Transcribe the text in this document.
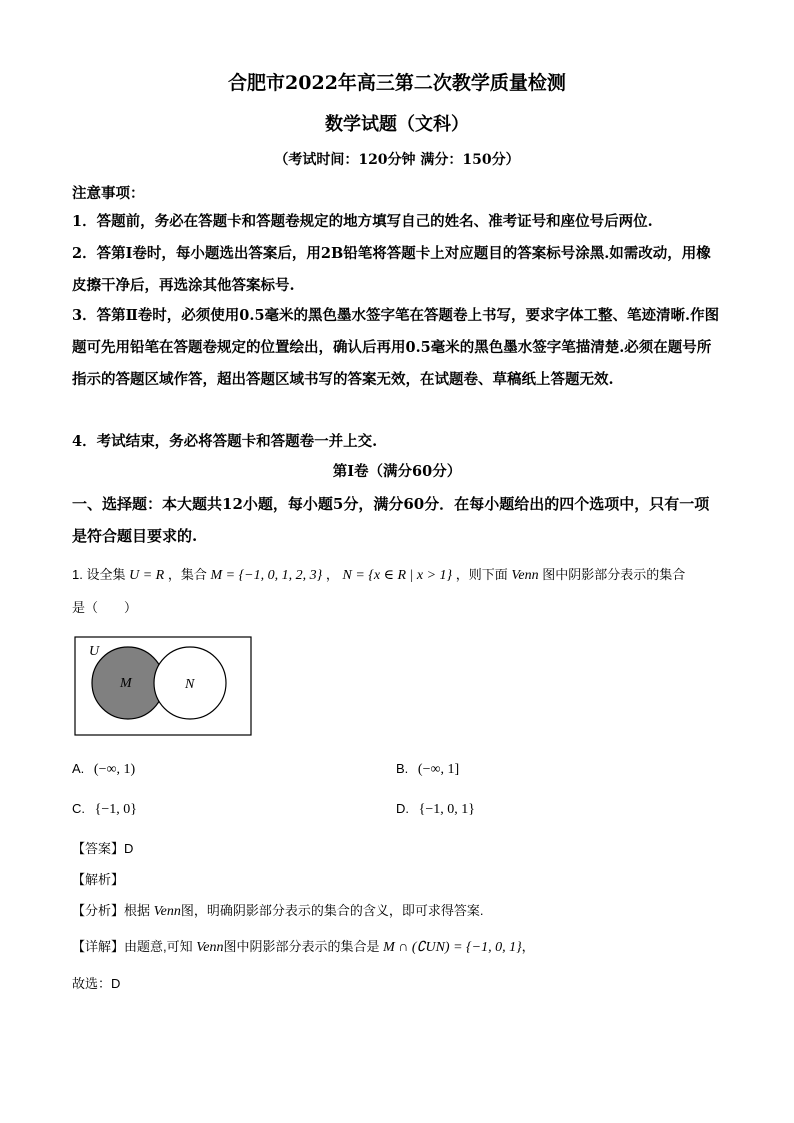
合肥市2022年高三第二次教学质量检测
数学试题（文科）
（考试时间：120分钟 满分：150分）
注意事项：
1．答题前，务必在答题卡和答题卷规定的地方填写自己的姓名、准考证号和座位号后两位.
2．答第Ⅰ卷时，每小题选出答案后，用2B铅笔将答题卡上对应题目的答案标号涂黑.如需改动，用橡皮擦干净后，再选涂其他答案标号.
3．答第Ⅱ卷时，必须使用0.5毫米的黑色墨水签字笔在答题卷上书写，要求字体工整、笔迹清晰.作图题可先用铅笔在答题卷规定的位置绘出，确认后再用0.5毫米的黑色墨水签字笔描清楚.必须在题号所指示的答题区域作答，超出答题区域书写的答案无效，在试题卷、草稿纸上答题无效.
4．考试结束，务必将答题卡和答题卷一并上交.
第Ⅰ卷（满分60分）
一、选择题：本大题共12小题，每小题5分，满分60分．在每小题给出的四个选项中，只有一项是符合题目要求的.
1. 设全集 U = R ，集合 M = {−1, 0, 1, 2, 3} ， N = {x ∈ R | x > 1} ，则下面 Venn 图中阴影部分表示的集合
是（　　）
U
M	N
A. (−∞, 1)	B. (−∞, 1]
C. {−1, 0}	D. {−1, 0, 1}
【答案】D
【解析】
【分析】根据 Venn图，明确阴影部分表示的集合的含义，即可求得答案.
【详解】由题意,可知 Venn图中阴影部分表示的集合是 M ∩ (∁UN) = {−1, 0, 1}，
故选：D
